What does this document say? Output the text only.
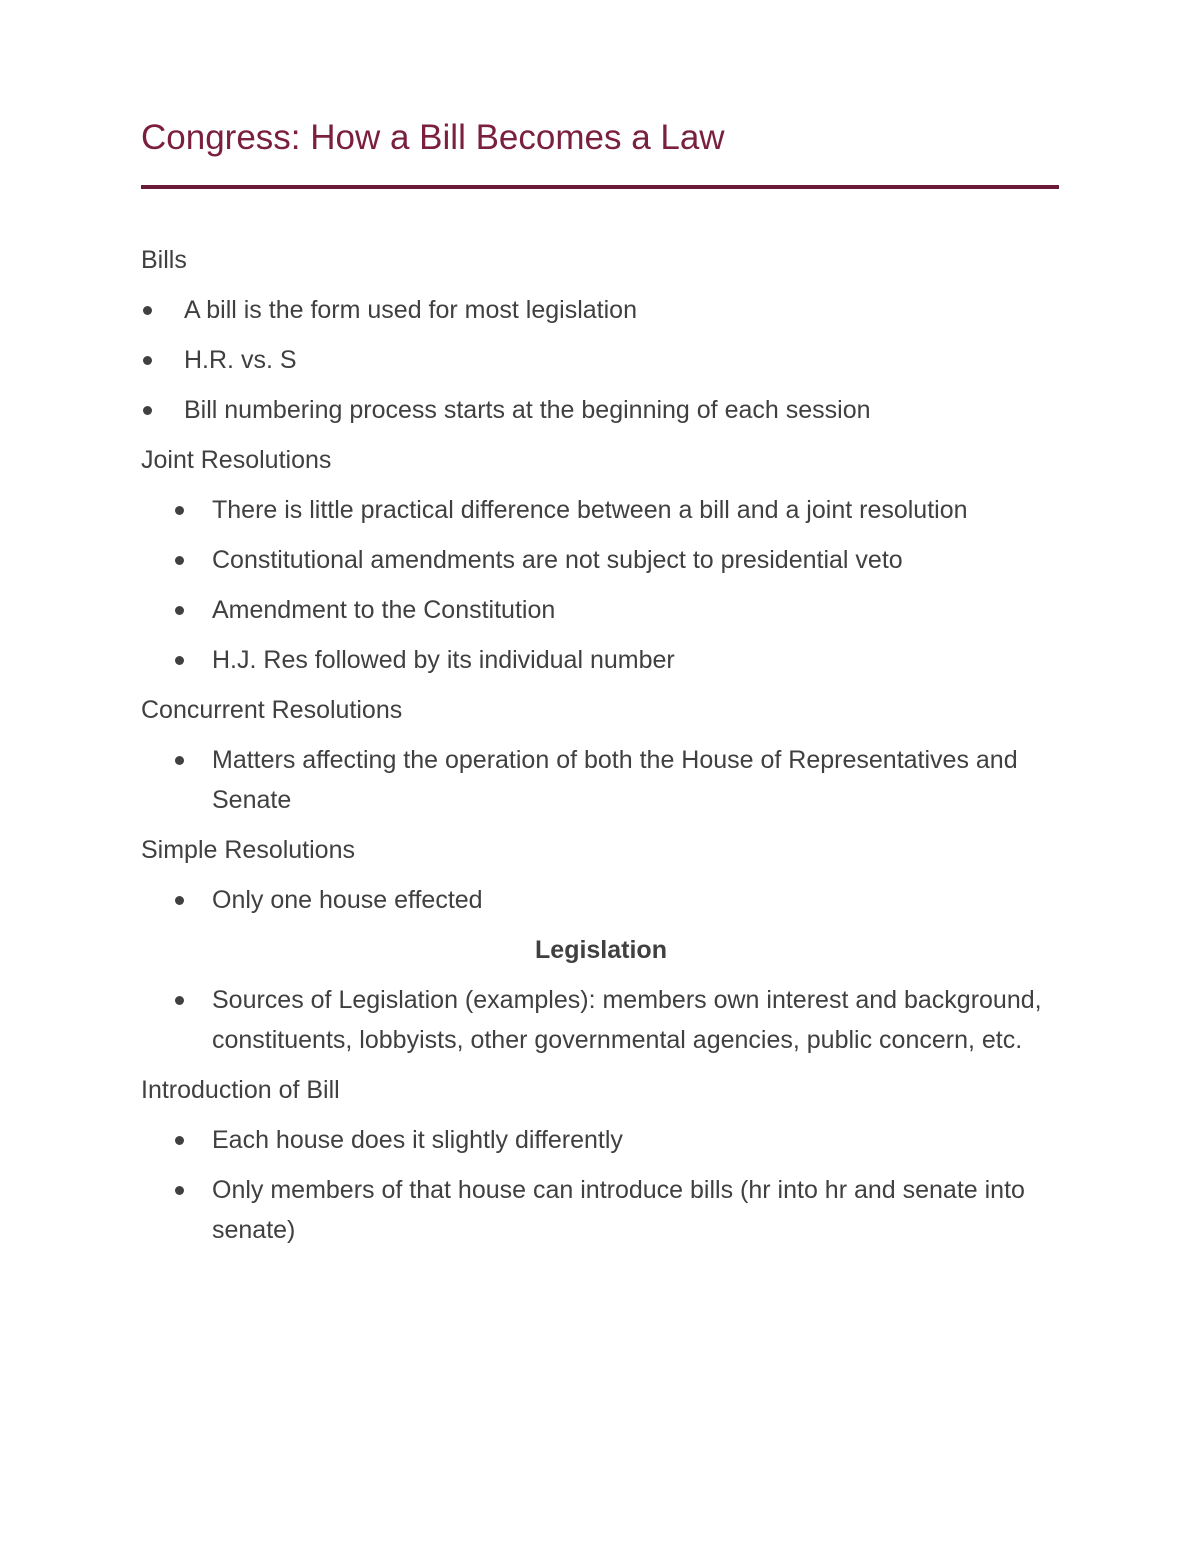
Congress: How a Bill Becomes a Law
Bills
A bill is the form used for most legislation
H.R. vs. S
Bill numbering process starts at the beginning of each session
Joint Resolutions
There is little practical difference between a bill and a joint resolution
Constitutional amendments are not subject to presidential veto
Amendment to the Constitution
H.J. Res followed by its individual number
Concurrent Resolutions
Matters affecting the operation of both the House of Representatives and Senate
Simple Resolutions
Only one house effected
Legislation
Sources of Legislation (examples): members own interest and background, constituents, lobbyists, other governmental agencies, public concern, etc.
Introduction of Bill
Each house does it slightly differently
Only members of that house can introduce bills (hr into hr and senate into senate)
